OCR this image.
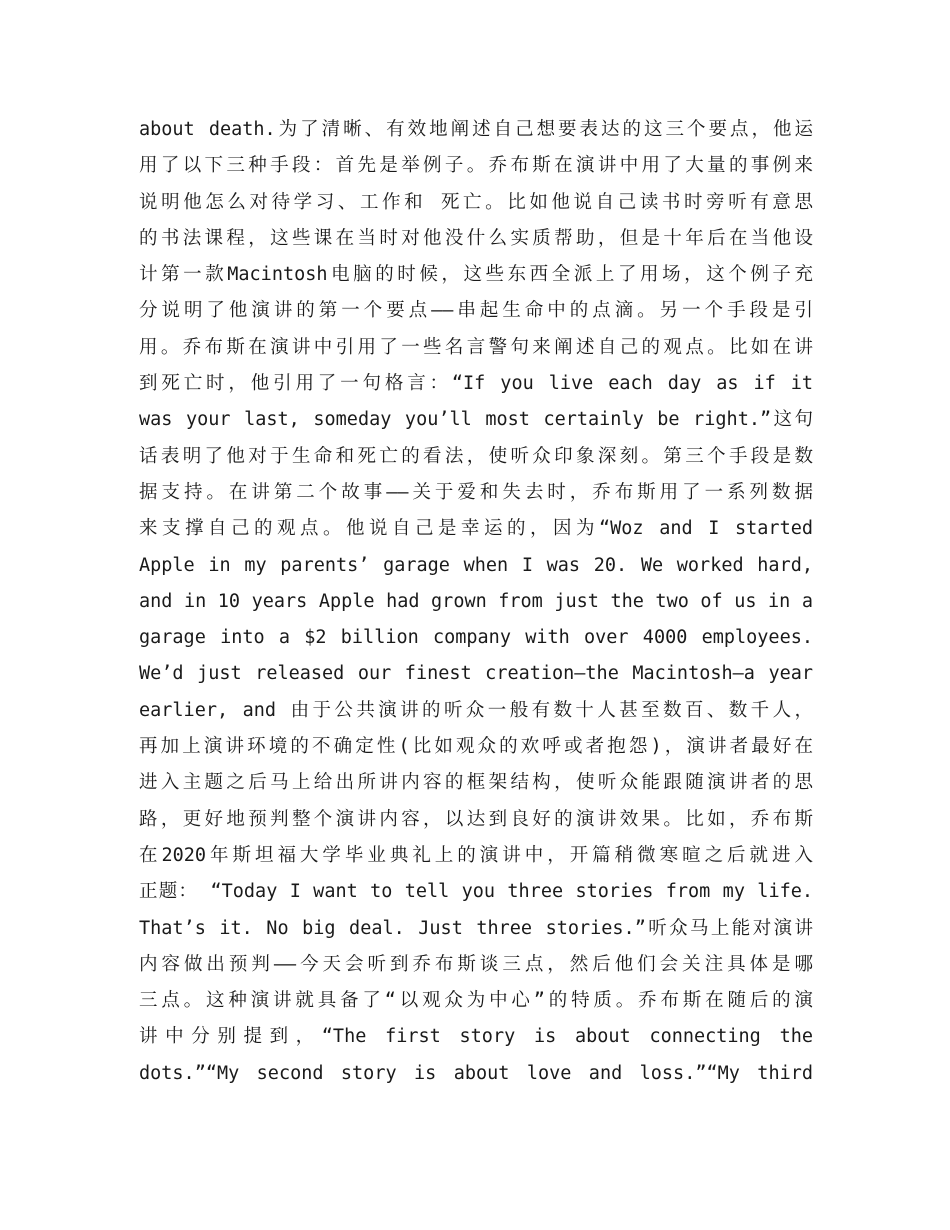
about death.为了清晰、有效地阐述自己想要表达的这三个要点，他运
用了以下三种手段：首先是举例子。乔布斯在演讲中用了大量的事例来
说明他怎么对待学习、工作和 死亡。比如他说自己读书时旁听有意思
的书法课程，这些课在当时对他没什么实质帮助，但是十年后在当他设
计第一款Macintosh电脑的时候，这些东西全派上了用场，这个例子充
分说明了他演讲的第一个要点——串起生命中的点滴。另一个手段是引
用。乔布斯在演讲中引用了一些名言警句来阐述自己的观点。比如在讲
到死亡时，他引用了一句格言：“If you live each day as if it
was your last, someday you’ll most certainly be right.”这句
话表明了他对于生命和死亡的看法，使听众印象深刻。第三个手段是数
据支持。在讲第二个故事——关于爱和失去时，乔布斯用了一系列数据
来支撑自己的观点。他说自己是幸运的，因为“Woz and I started
Apple in my parents’ garage when I was 20. We worked hard,
and in 10 years Apple had grown from just the two of us in a
garage into a $2 billion company with over 4000 employees.
We’d just released our finest creation—the Macintosh—a year
earlier, and 由于公共演讲的听众一般有数十人甚至数百、数千人，
再加上演讲环境的不确定性(比如观众的欢呼或者抱怨)，演讲者最好在
进入主题之后马上给出所讲内容的框架结构，使听众能跟随演讲者的思
路，更好地预判整个演讲内容，以达到良好的演讲效果。比如，乔布斯
在2020年斯坦福大学毕业典礼上的演讲中，开篇稍微寒暄之后就进入
正题： “Today I want to tell you three stories from my life.
That’s it. No big deal. Just three stories.”听众马上能对演讲
内容做出预判——今天会听到乔布斯谈三点，然后他们会关注具体是哪
三点。这种演讲就具备了“以观众为中心”的特质。乔布斯在随后的演
讲中分别提到，“The first story is about connecting the
dots.”“My second story is about love and loss.”“My third
